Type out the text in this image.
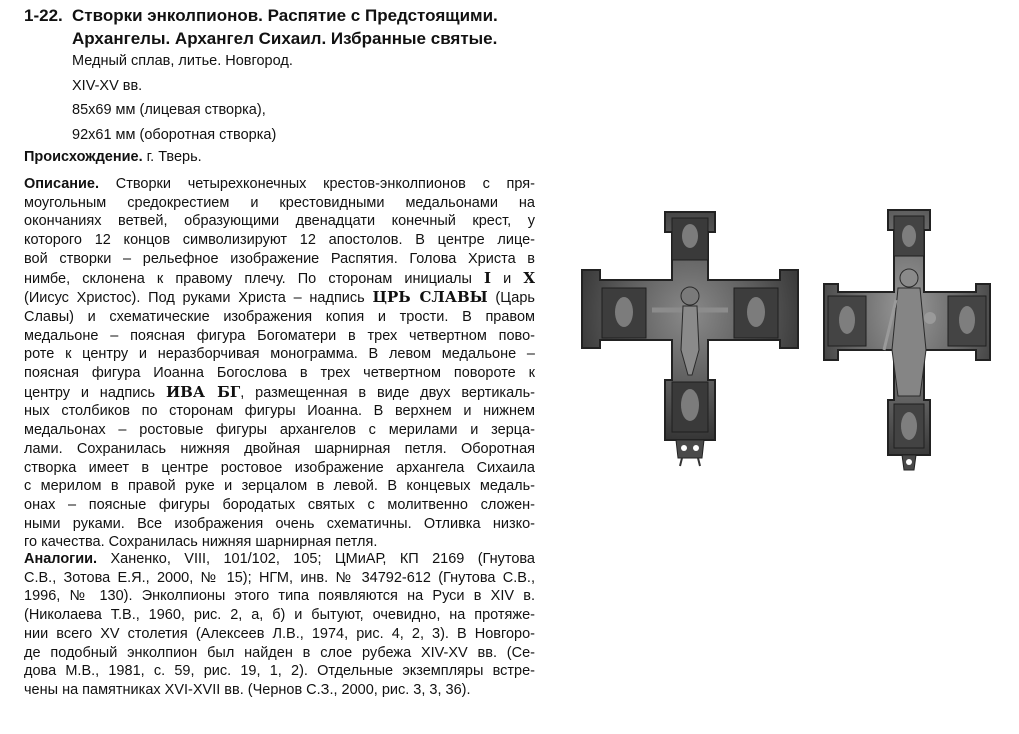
1-22. Створки энколпионов. Распятие с Предстоящими.
Архангелы. Архангел Сихаил. Избранные святые.
Медный сплав, литье. Новгород.
XIV-XV вв.
85х69 мм (лицевая створка),
92х61 мм (оборотная створка)
Происхождение. г. Тверь.
Описание. Створки четырехконечных крестов-энколпионов с пря-
моугольным средокрестием и крестовидными медальонами на
окончаниях ветвей, образующими двенадцати конечный крест, у
которого 12 концов символизируют 12 апостолов. В центре лице-
вой створки – рельефное изображение Распятия. Голова Христа в
нимбе, склонена к правому плечу. По сторонам инициалы І и Х
(Иисус Христос). Под руками Христа – надпись ЦРЬ СЛАВЫ (Царь
Славы) и схематические изображения копия и трости. В правом
медальоне – поясная фигура Богоматери в трех четвертном пово-
роте к центру и неразборчивая монограмма. В левом медальоне –
поясная фигура Иоанна Богослова в трех четвертном повороте к
центру и надпись ИВА БГ, размещенная в виде двух вертикаль-
ных столбиков по сторонам фигуры Иоанна. В верхнем и нижнем
медальонах – ростовые фигуры архангелов с мерилами и зерца-
лами. Сохранилась нижняя двойная шарнирная петля. Оборотная
створка имеет в центре ростовое изображение архангела Сихаила
с мерилом в правой руке и зерцалом в левой. В концевых медаль-
онах – поясные фигуры бородатых святых с молитвенно сложен-
ными руками. Все изображения очень схематичны. Отливка низко-
го качества. Сохранилась нижняя шарнирная петля.
Аналогии. Ханенко, VIII, 101/102, 105; ЦМиАР, КП 2169 (Гнутова
С.В., Зотова Е.Я., 2000, № 15); НГМ, инв. № 34792-612 (Гнутова С.В.,
1996, № 130). Энколпионы этого типа появляются на Руси в XIV в.
(Николаева Т.В., 1960, рис. 2, а, б) и бытуют, очевидно, на протяже-
нии всего XV столетия (Алексеев Л.В., 1974, рис. 4, 2, 3). В Новгоро-
де подобный энколпион был найден в слое рубежа XIV-XV вв. (Се-
дова М.В., 1981, с. 59, рис. 19, 1, 2). Отдельные экземпляры встре-
чены на памятниках XVI-XVII вв. (Чернов С.З., 2000, рис. 3, 3, 36).
